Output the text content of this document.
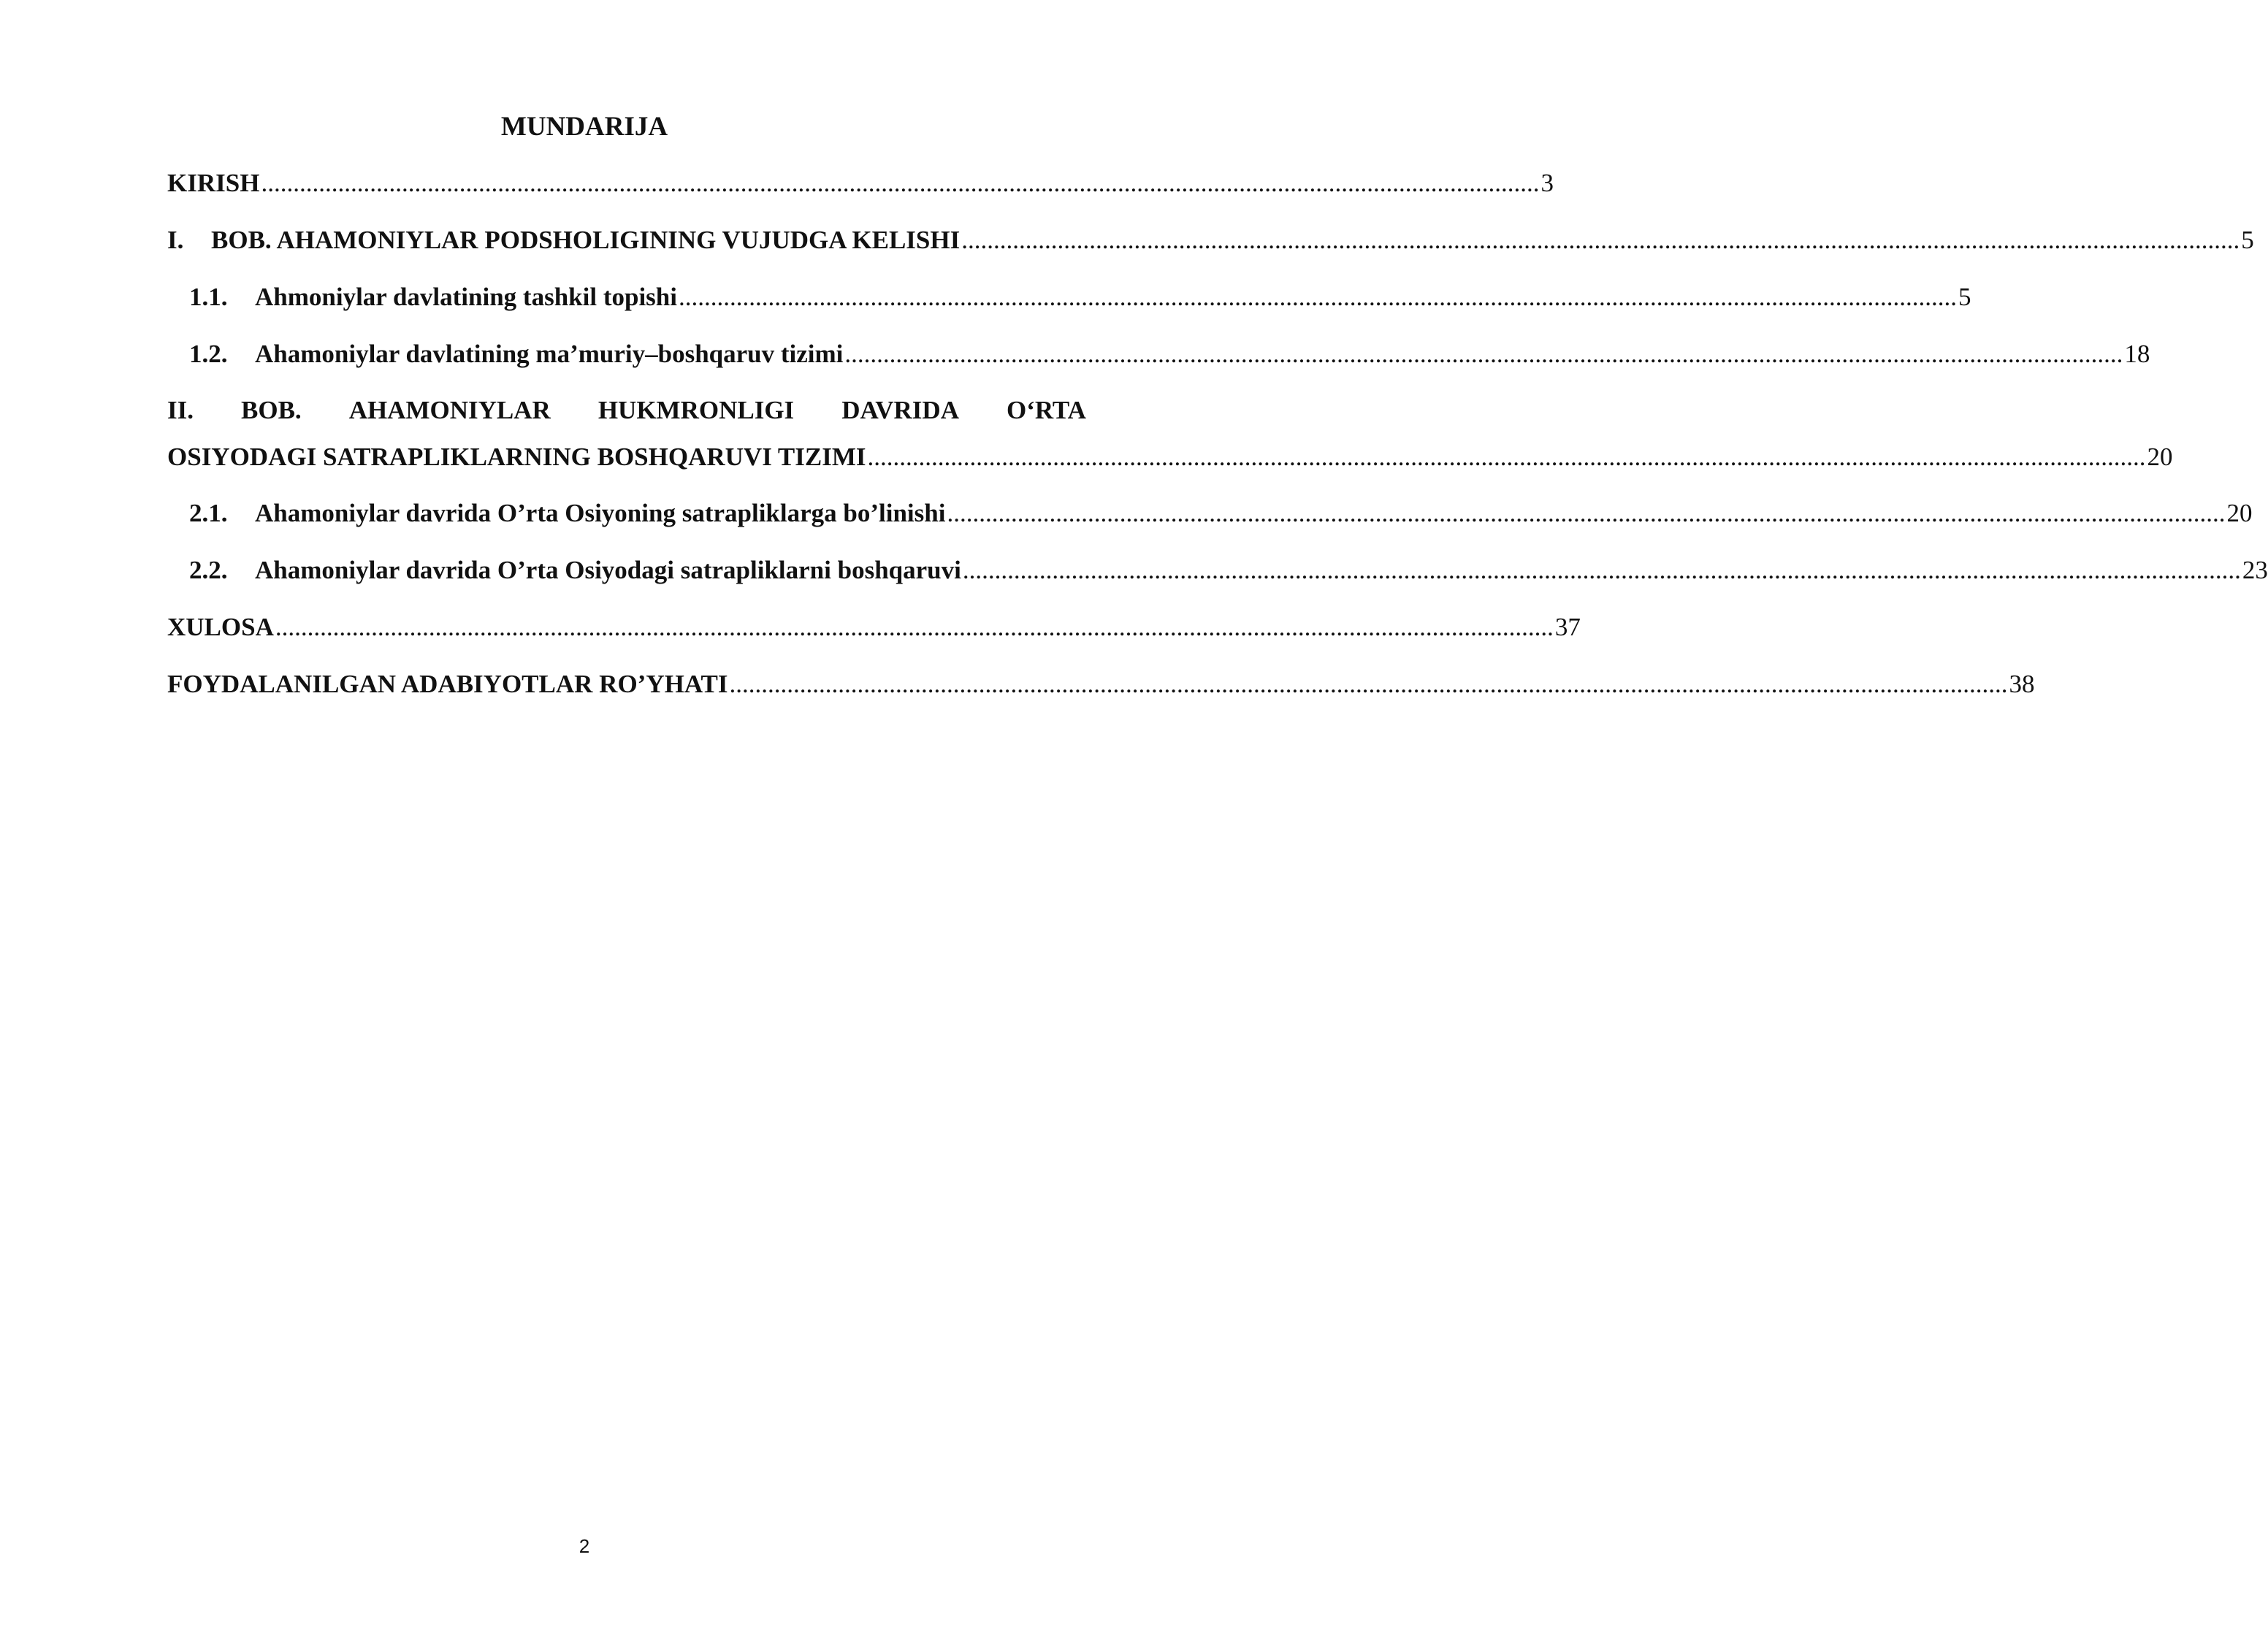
MUNDARIJA
KIRISH ........................................................................................................................................................................................................ 3
I.	BOB. AHAMONIYLAR PODSHOLIGINING VUJUDGA KELISHI ........................................................................................................................................................................................................ 5
1.1.	Ahmoniylar davlatining tashkil topishi ........................................................................................................................................................................................................ 5
1.2.	Ahamoniylar davlatining ma’muriy–boshqaruv tizimi ........................................................................................................................................................................................................ 18
II. BOB. AHAMONIYLAR HUKMRONLIGI DAVRIDA O‘RTA
OSIYODAGI SATRAPLIKLARNING BOSHQARUVI TIZIMI ........................................................................................................................................................................................................ 20
2.1.	Ahamoniylar davrida O’rta Osiyoning satrapliklarga bo’linishi ........................................................................................................................................................................................................ 20
2.2.	Ahamoniylar davrida O’rta Osiyodagi satrapliklarni boshqaruvi ........................................................................................................................................................................................................ 23
XULOSA ........................................................................................................................................................................................................ 37
FOYDALANILGAN ADABIYOTLAR RO’YHATI ........................................................................................................................................................................................................ 38
2
